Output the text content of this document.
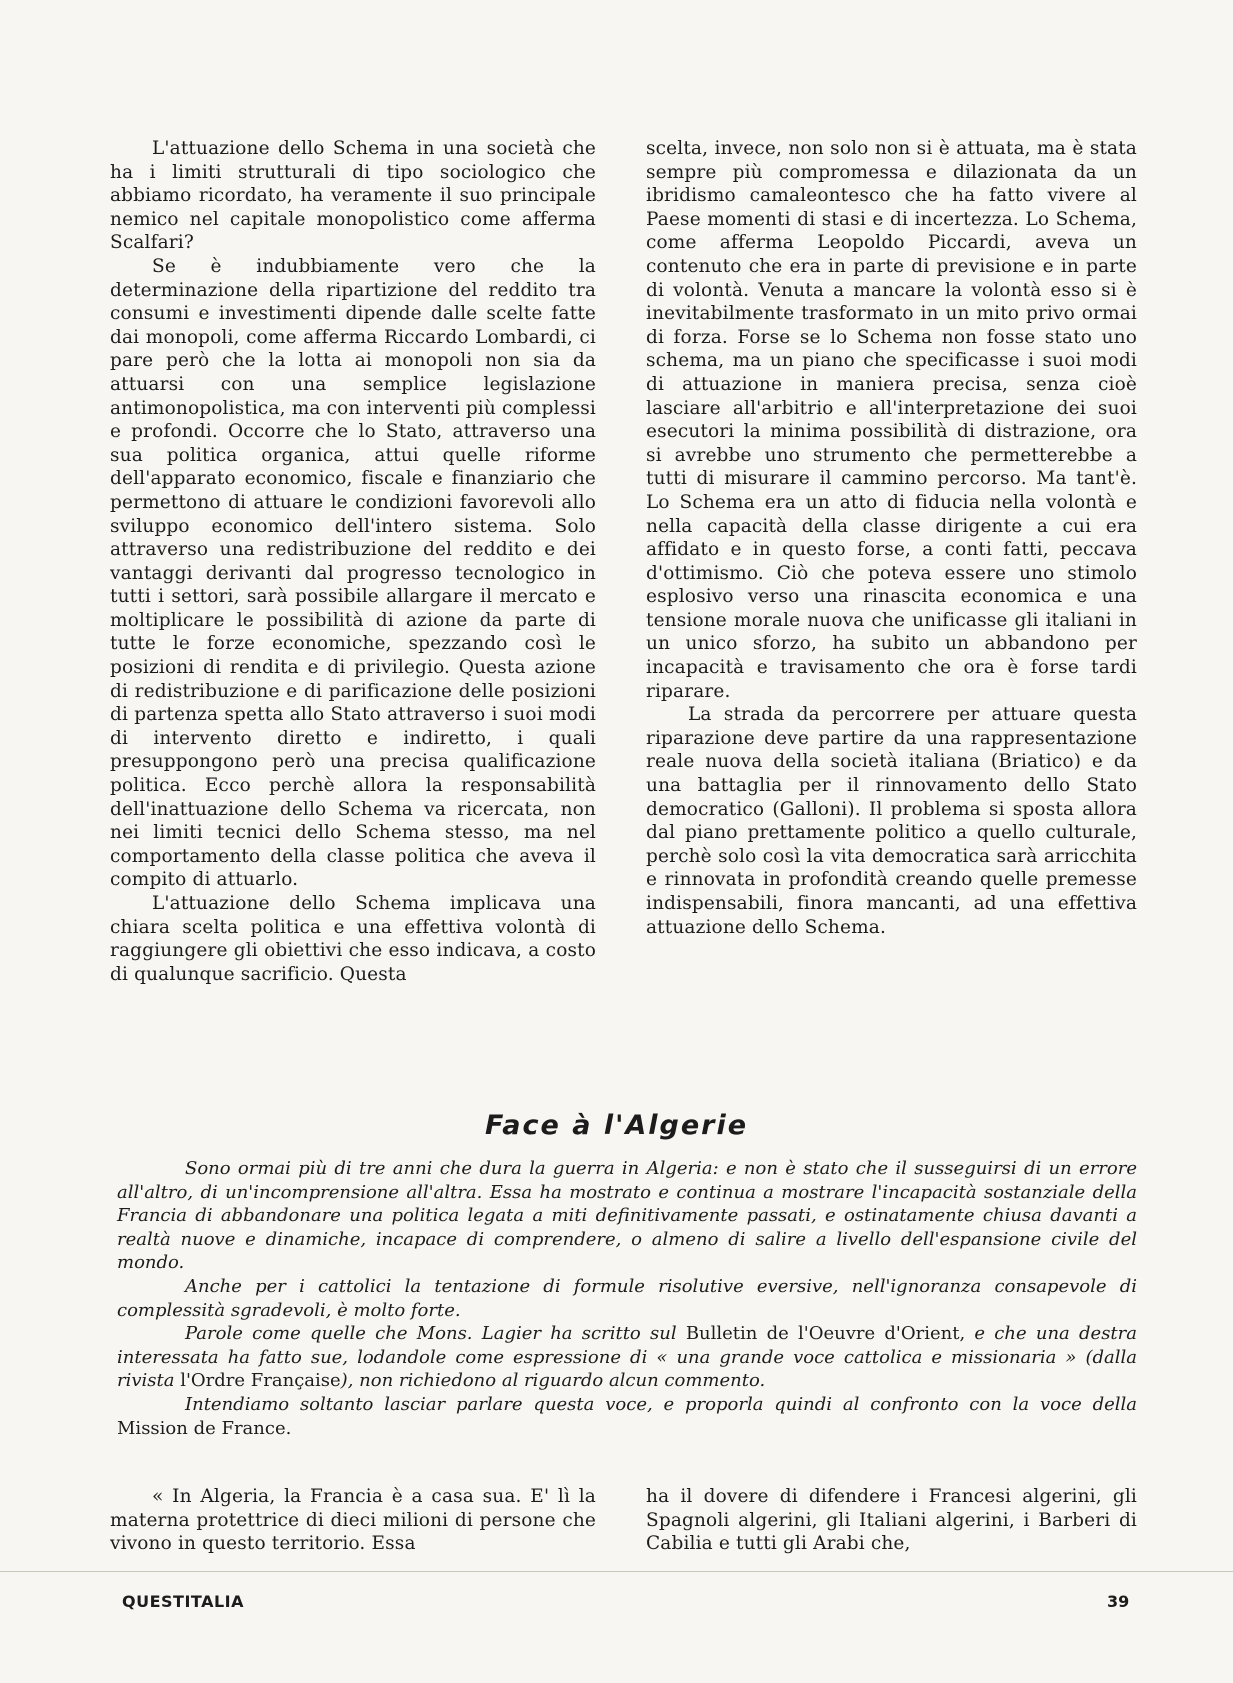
L'attuazione dello Schema in una società che ha i limiti strutturali di tipo sociologico che abbiamo ricordato, ha veramente il suo principale nemico nel capitale monopolistico come afferma Scalfari?

Se è indubbiamente vero che la determinazione della ripartizione del reddito tra consumi e investimenti dipende dalle scelte fatte dai monopoli, come afferma Riccardo Lombardi, ci pare però che la lotta ai monopoli non sia da attuarsi con una semplice legislazione antimonopolistica, ma con interventi più complessi e profondi. Occorre che lo Stato, attraverso una sua politica organica, attui quelle riforme dell'apparato economico, fiscale e finanziario che permettono di attuare le condizioni favorevoli allo sviluppo economico dell'intero sistema. Solo attraverso una redistribuzione del reddito e dei vantaggi derivanti dal progresso tecnologico in tutti i settori, sarà possibile allargare il mercato e moltiplicare le possibilità di azione da parte di tutte le forze economiche, spezzando così le posizioni di rendita e di privilegio. Questa azione di redistribuzione e di parificazione delle posizioni di partenza spetta allo Stato attraverso i suoi modi di intervento diretto e indiretto, i quali presuppongono però una precisa qualificazione politica. Ecco perchè allora la responsabilità dell'inattuazione dello Schema va ricercata, non nei limiti tecnici dello Schema stesso, ma nel comportamento della classe politica che aveva il compito di attuarlo.

L'attuazione dello Schema implicava una chiara scelta politica e una effettiva volontà di raggiungere gli obiettivi che esso indicava, a costo di qualunque sacrificio. Questa

scelta, invece, non solo non si è attuata, ma è stata sempre più compromessa e dilazionata da un ibridismo camaleontesco che ha fatto vivere al Paese momenti di stasi e di incertezza. Lo Schema, come afferma Leopoldo Piccardi, aveva un contenuto che era in parte di previsione e in parte di volontà. Venuta a mancare la volontà esso si è inevitabilmente trasformato in un mito privo ormai di forza. Forse se lo Schema non fosse stato uno schema, ma un piano che specificasse i suoi modi di attuazione in maniera precisa, senza cioè lasciare all'arbitrio e all'interpretazione dei suoi esecutori la minima possibilità di distrazione, ora si avrebbe uno strumento che permetterebbe a tutti di misurare il cammino percorso. Ma tant'è. Lo Schema era un atto di fiducia nella volontà e nella capacità della classe dirigente a cui era affidato e in questo forse, a conti fatti, peccava d'ottimismo. Ciò che poteva essere uno stimolo esplosivo verso una rinascita economica e una tensione morale nuova che unificasse gli italiani in un unico sforzo, ha subito un abbandono per incapacità e travisamento che ora è forse tardi riparare.

La strada da percorrere per attuare questa riparazione deve partire da una rappresentazione reale nuova della società italiana (Briatico) e da una battaglia per il rinnovamento dello Stato democratico (Galloni). Il problema si sposta allora dal piano prettamente politico a quello culturale, perchè solo così la vita democratica sarà arricchita e rinnovata in profondità creando quelle premesse indispensabili, finora mancanti, ad una effettiva attuazione dello Schema.

Face à l'Algerie

Sono ormai più di tre anni che dura la guerra in Algeria: e non è stato che il susseguirsi di un errore all'altro, di un'incomprensione all'altra. Essa ha mostrato e continua a mostrare l'incapacità sostanziale della Francia di abbandonare una politica legata a miti definitivamente passati, e ostinatamente chiusa davanti a realtà nuove e dinamiche, incapace di comprendere, o almeno di salire a livello dell'espansione civile del mondo.

Anche per i cattolici la tentazione di formule risolutive eversive, nell'ignoranza consapevole di complessità sgradevoli, è molto forte.

Parole come quelle che Mons. Lagier ha scritto sul Bulletin de l'Oeuvre d'Orient, e che una destra interessata ha fatto sue, lodandole come espressione di « una grande voce cattolica e missionaria » (dalla rivista l'Ordre Française), non richiedono al riguardo alcun commento.

Intendiamo soltanto lasciar parlare questa voce, e proporla quindi al confronto con la voce della Mission de France.

« In Algeria, la Francia è a casa sua. E' lì la materna protettrice di dieci milioni di persone che vivono in questo territorio. Essa

ha il dovere di difendere i Francesi algerini, gli Spagnoli algerini, gli Italiani algerini, i Barberi di Cabilia e tutti gli Arabi che,

QUESTITALIA	39
